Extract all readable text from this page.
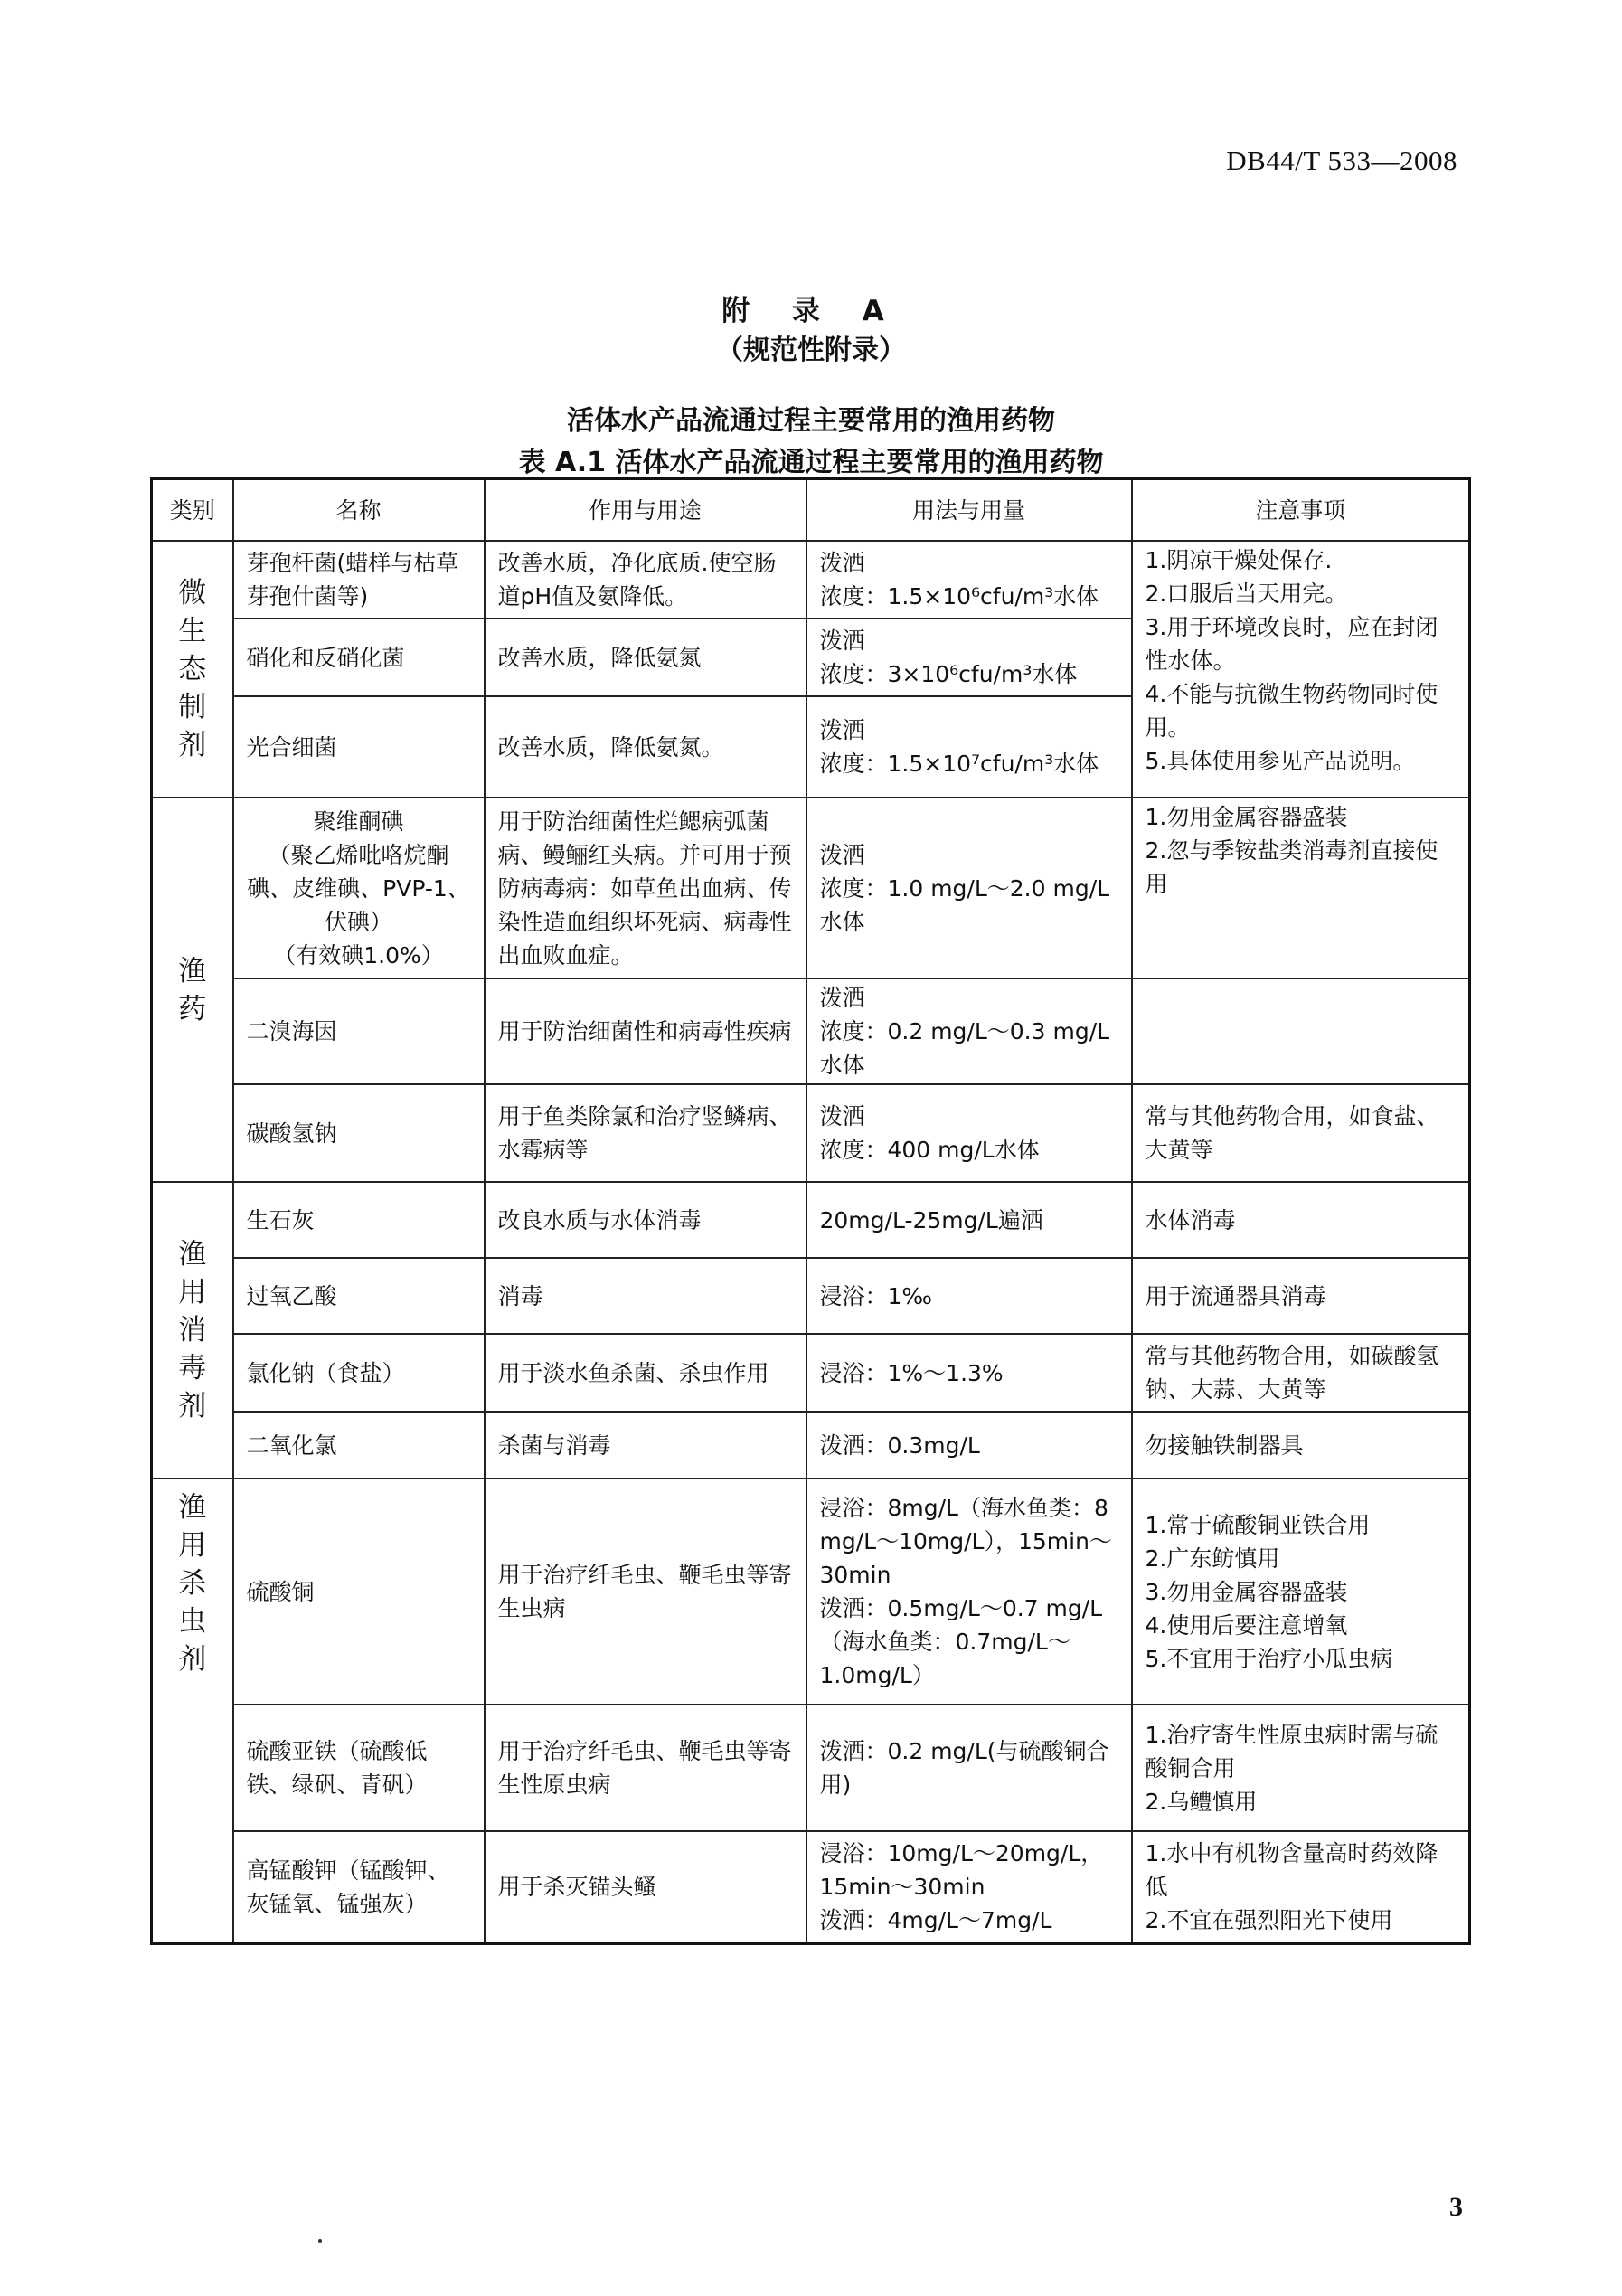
DB44/T 533—2008
附 录 A
（规范性附录）
活体水产品流通过程主要常用的渔用药物
表 A.1 活体水产品流通过程主要常用的渔用药物
类别	名称	作用与用途	用法与用量	注意事项

微
生
态
制
剂	芽孢杆菌(蜡样与枯草芽孢什菌等)	改善水质，净化底质.使空肠道pH值及氨降低。	泼洒
浓度：1.5×10⁶cfu/m³水体	1.阴凉干燥处保存.
2.口服后当天用完。
3.用于环境改良时，应在封闭性水体。
4.不能与抗微生物药物同时使用。
5.具体使用参见产品说明。
	硝化和反硝化菌	改善水质，降低氨氮	泼洒
浓度：3×10⁶cfu/m³水体	
	光合细菌	改善水质，降低氨氮。	泼洒
浓度：1.5×10⁷cfu/m³水体	

渔
药	聚维酮碘
（聚乙烯吡咯烷酮碘、皮维碘、PVP-1、伏碘）
（有效碘1.0%）	用于防治细菌性烂鳃病弧菌病、鳗鲡红头病。并可用于预防病毒病：如草鱼出血病、传染性造血组织坏死病、病毒性出血败血症。	泼洒
浓度：1.0 mg/L～2.0 mg/L水体	1.勿用金属容器盛装
2.忽与季铵盐类消毒剂直接使用
	二溴海因	用于防治细菌性和病毒性疾病	泼洒
浓度：0.2 mg/L～0.3 mg/L水体	
	碳酸氢钠	用于鱼类除氯和治疗竖鳞病、水霉病等	泼洒
浓度：400 mg/L水体	常与其他药物合用，如食盐、大黄等

渔
用
消
毒
剂	生石灰	改良水质与水体消毒	20mg/L-25mg/L遍洒	水体消毒
	过氧乙酸	消毒	浸浴：1‰	用于流通器具消毒
	氯化钠（食盐）	用于淡水鱼杀菌、杀虫作用	浸浴：1%～1.3%	常与其他药物合用，如碳酸氢钠、大蒜、大黄等
	二氧化氯	杀菌与消毒	泼洒：0.3mg/L	勿接触铁制器具

渔
用
杀
虫
剂	硫酸铜	用于治疗纤毛虫、鞭毛虫等寄生虫病	浸浴：8mg/L（海水鱼类：8 mg/L～10mg/L），15min～30min
泼洒：0.5mg/L～0.7 mg/L（海水鱼类：0.7mg/L～1.0mg/L）	1.常于硫酸铜亚铁合用
2.广东鲂慎用
3.勿用金属容器盛装
4.使用后要注意增氧
5.不宜用于治疗小瓜虫病
	硫酸亚铁（硫酸低铁、绿矾、青矾）	用于治疗纤毛虫、鞭毛虫等寄生性原虫病	泼洒：0.2 mg/L(与硫酸铜合用)	1.治疗寄生性原虫病时需与硫酸铜合用
2.乌鳢慎用
	高锰酸钾（锰酸钾、灰锰氧、锰强灰）	用于杀灭锚头鳋	浸浴：10mg/L～20mg/L，15min～30min
泼洒：4mg/L～7mg/L	1.水中有机物含量高时药效降低
2.不宜在强烈阳光下使用
3
